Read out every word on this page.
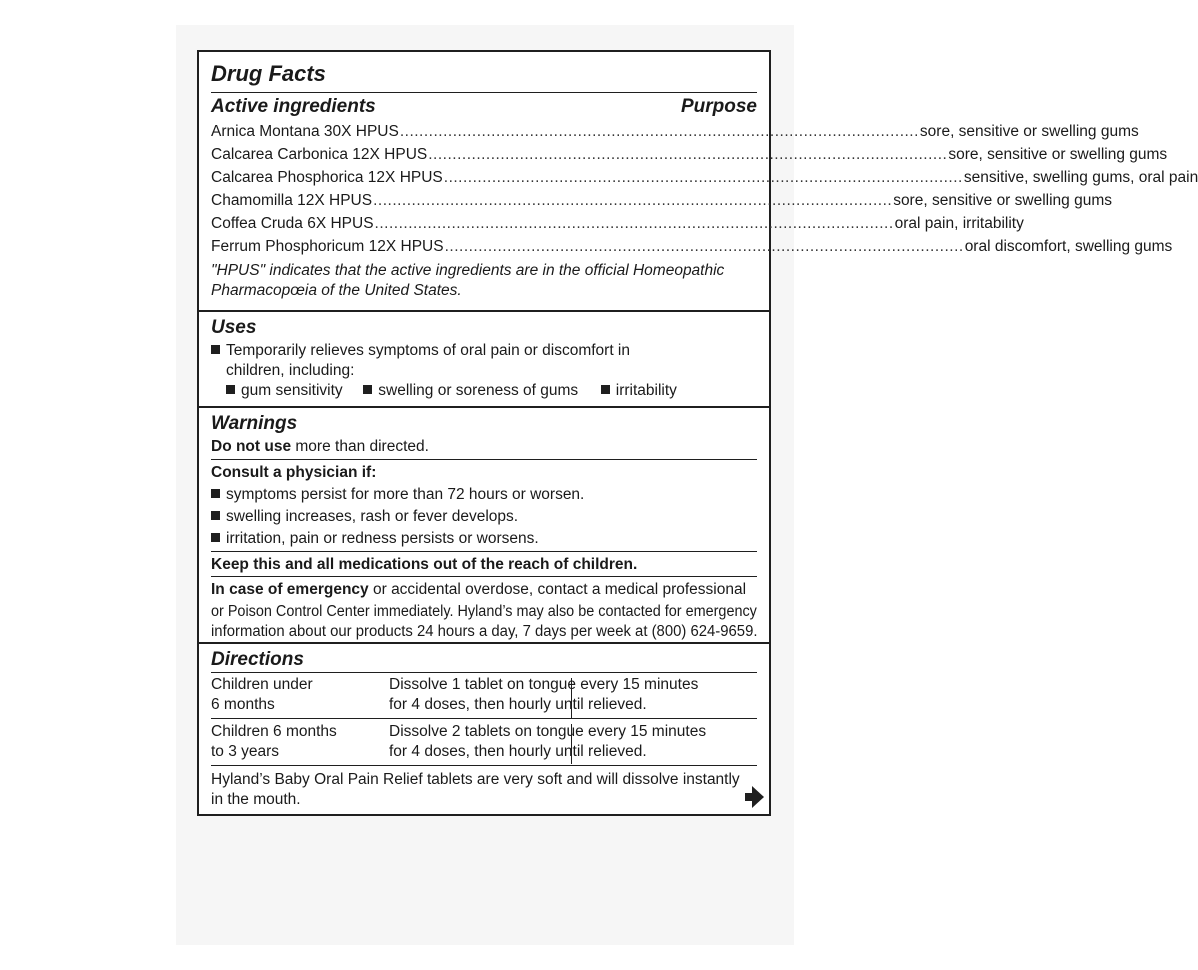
Drug Facts
Active ingredients	Purpose
Arnica Montana 30X HPUS ............................................................................................................ sore, sensitive or swelling gums
Calcarea Carbonica 12X HPUS ............................................................................................................ sore, sensitive or swelling gums
Calcarea Phosphorica 12X HPUS ............................................................................................................ sensitive, swelling gums, oral pain
Chamomilla 12X HPUS ............................................................................................................ sore, sensitive or swelling gums
Coffea Cruda 6X HPUS ............................................................................................................ oral pain, irritability
Ferrum Phosphoricum 12X HPUS ............................................................................................................ oral discomfort, swelling gums
"HPUS" indicates that the active ingredients are in the official Homeopathic
Pharmacopœia of the United States.
Uses
Temporarily relieves symptoms of oral pain or discomfort in
children, including:
gum sensitivity swelling or soreness of gums irritability
Warnings
Do not use more than directed.
Consult a physician if:
symptoms persist for more than 72 hours or worsen.
swelling increases, rash or fever develops.
irritation, pain or redness persists or worsens.
Keep this and all medications out of the reach of children.
In case of emergency or accidental overdose, contact a medical professional
or Poison Control Center immediately. Hyland’s may also be contacted for emergency
information about our products 24 hours a day, 7 days per week at (800) 624-9659.
Directions
Children under
6 months
Dissolve 1 tablet on tongue every 15 minutes
for 4 doses, then hourly until relieved.
Children 6 months
to 3 years
Dissolve 2 tablets on tongue every 15 minutes
for 4 doses, then hourly until relieved.
Hyland’s Baby Oral Pain Relief tablets are very soft and will dissolve instantly
in the mouth.
